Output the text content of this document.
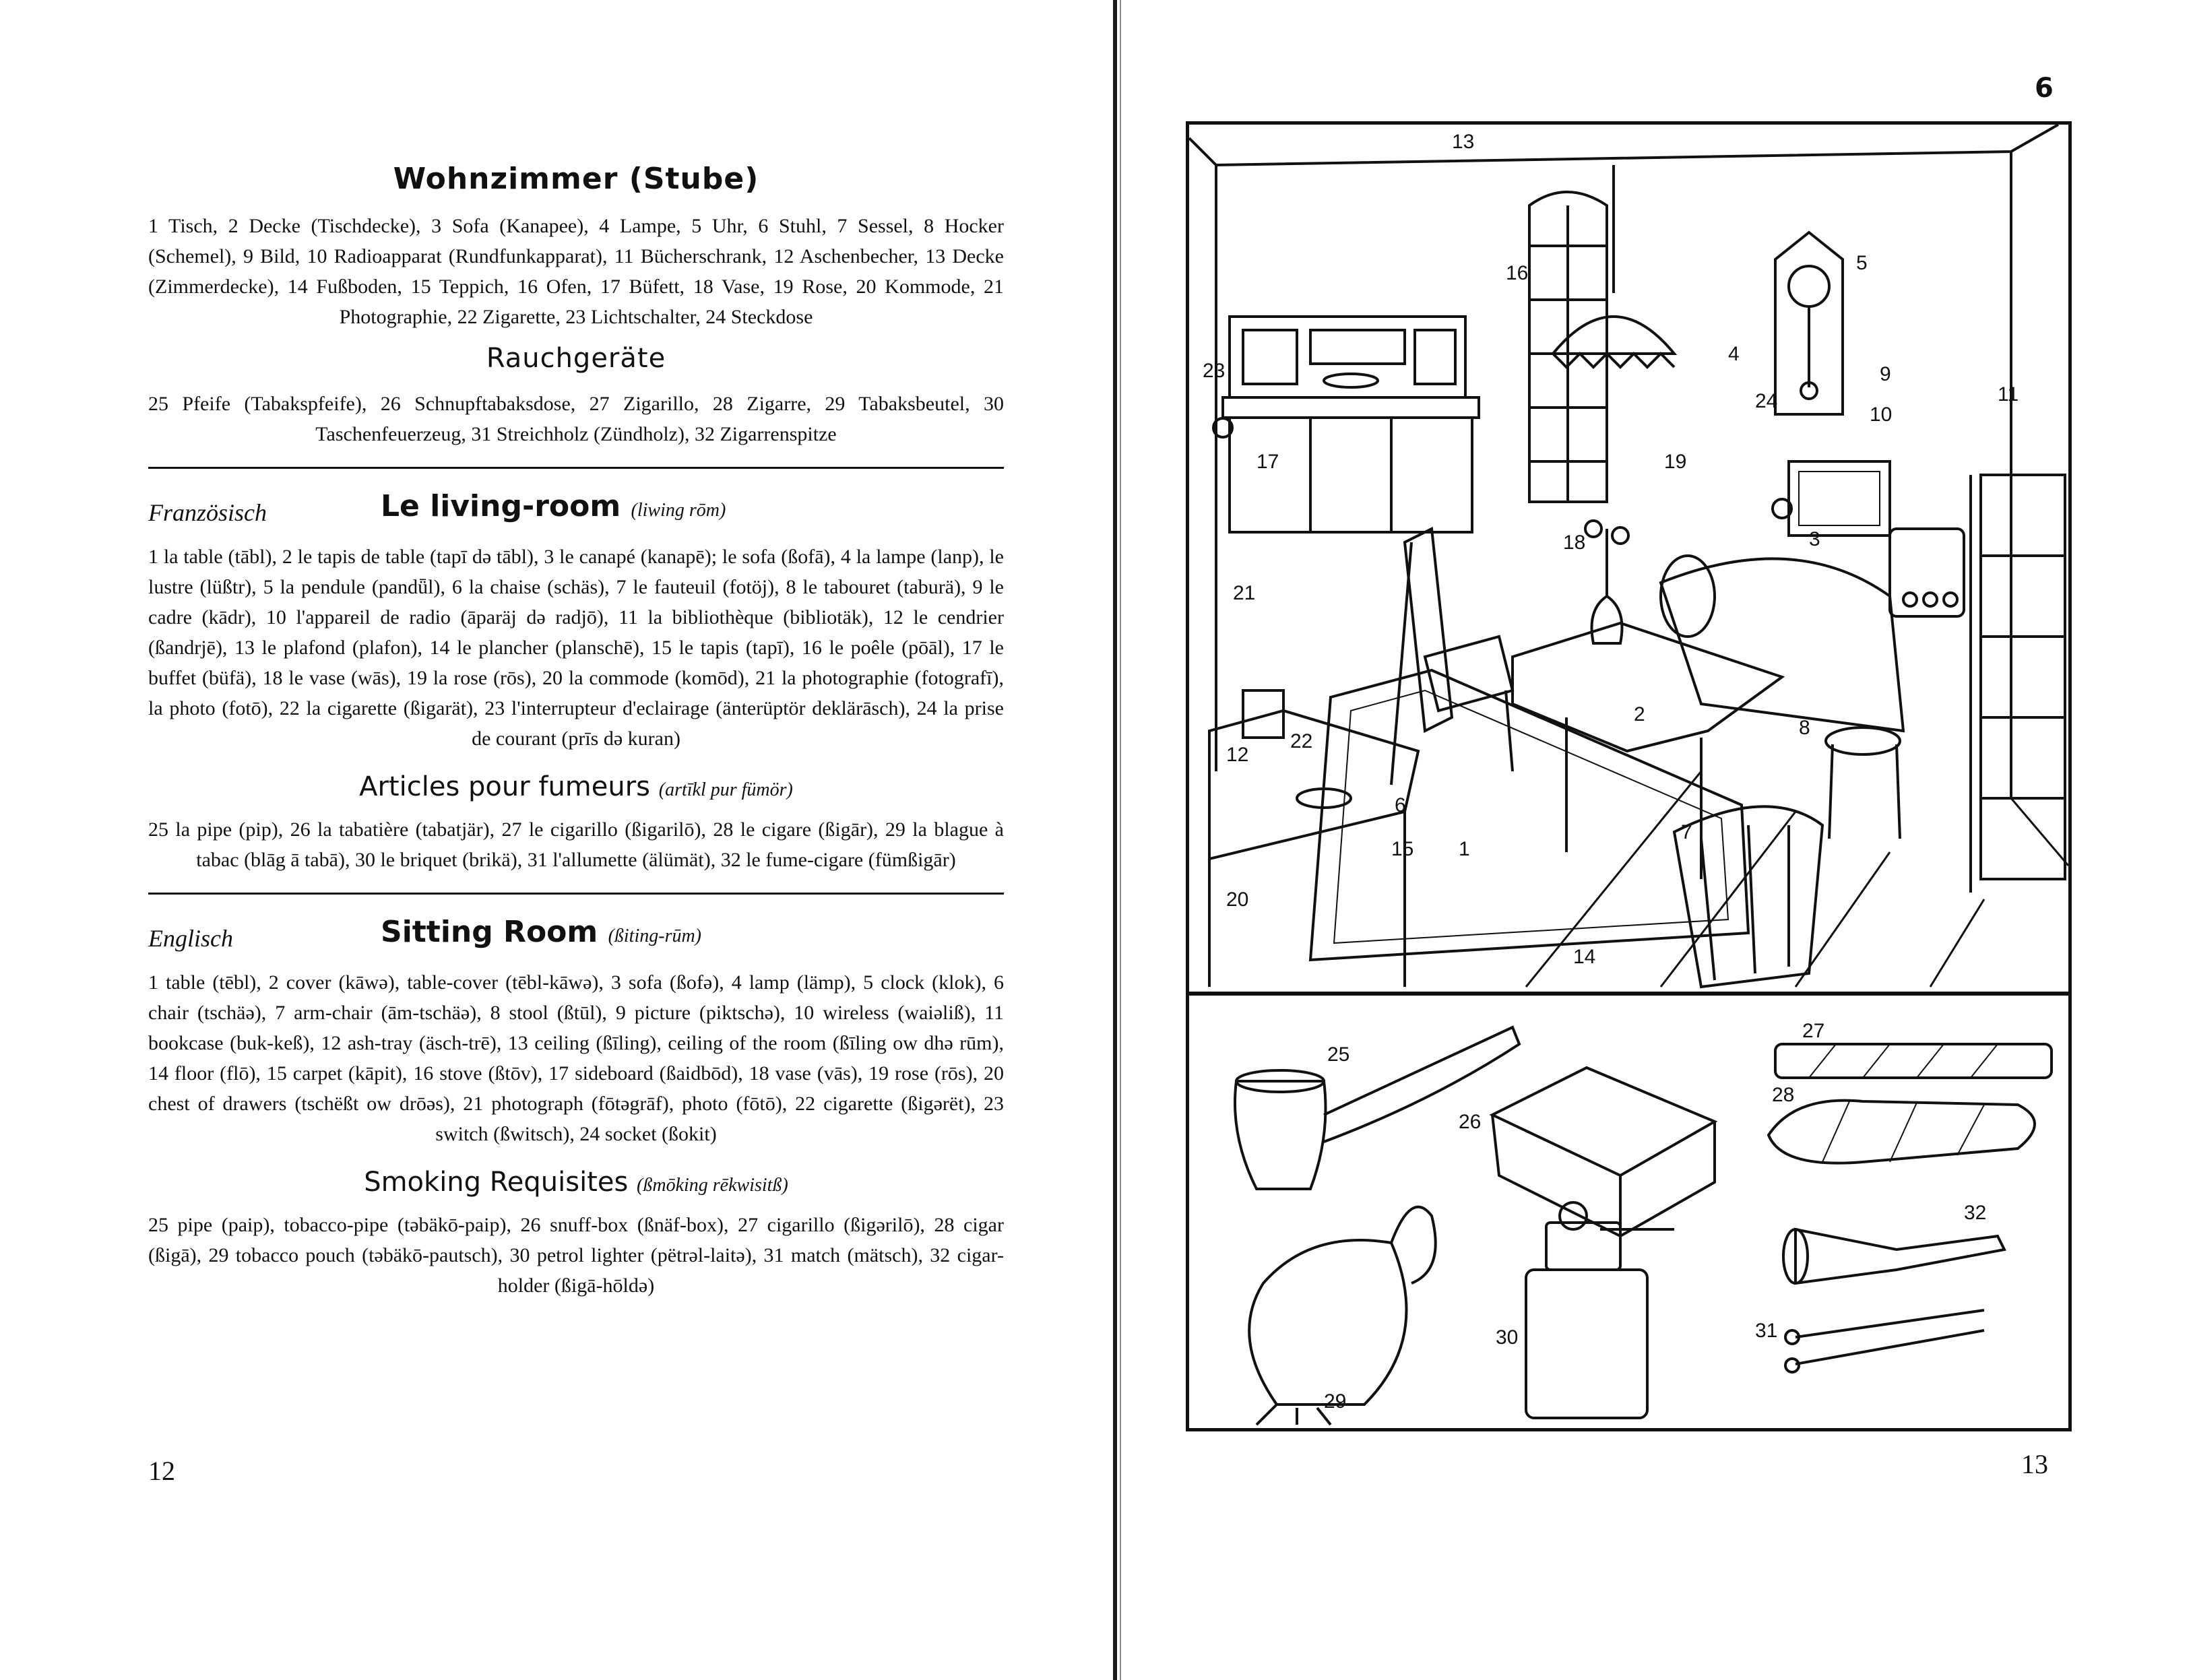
6
Wohnzimmer (Stube)

1 Tisch, 2 Decke (Tischdecke), 3 Sofa (Kanapee), 4 Lampe, 5 Uhr, 6 Stuhl, 7 Sessel, 8 Hocker (Schemel), 9 Bild, 10 Radioapparat (Rundfunkapparat), 11 Bücherschrank, 12 Aschenbecher, 13 Decke (Zimmerdecke), 14 Fußboden, 15 Teppich, 16 Ofen, 17 Büfett, 18 Vase, 19 Rose, 20 Kommode, 21 Photographie, 22 Zigarette, 23 Lichtschalter, 24 Steckdose

Rauchgeräte

25 Pfeife (Tabakspfeife), 26 Schnupftabaksdose, 27 Zigarillo, 28 Zigarre, 29 Tabaksbeutel, 30 Taschenfeuerzeug, 31 Streichholz (Zündholz), 32 Zigarrenspitze

Französisch	Le living-room (liwing rōm)

1 la table (tābl), 2 le tapis de table (tapī dǝ tābl), 3 le canapé (kanapē); le sofa (ßofā), 4 la lampe (lanp), le lustre (lüßtr), 5 la pendule (pandǖl), 6 la chaise (schäs), 7 le fauteuil (fotöj), 8 le tabouret (taburä), 9 le cadre (kādr), 10 l'appareil de radio (āparäj dǝ radjō), 11 la bibliothèque (bibliotäk), 12 le cendrier (ßandrjē), 13 le plafond (plafon), 14 le plancher (planschē), 15 le tapis (tapī), 16 le poêle (pōāl), 17 le buffet (büfä), 18 le vase (wās), 19 la rose (rōs), 20 la commode (komōd), 21 la photographie (fotografī), la photo (fotō), 22 la cigarette (ßigarät), 23 l'interrupteur d'eclairage (änterüptör deklärāsch), 24 la prise de courant (prīs dǝ kuran)

Articles pour fumeurs (artīkl pur fümör)

25 la pipe (pip), 26 la tabatière (tabatjär), 27 le cigarillo (ßigarilō), 28 le cigare (ßigār), 29 la blague à tabac (blāg ā tabā), 30 le briquet (brikä), 31 l'allumette (älümät), 32 le fume-cigare (fümßigār)

Englisch	Sitting Room (ßiting-rūm)

1 table (tēbl), 2 cover (kāwǝ), table-cover (tēbl-kāwǝ), 3 sofa (ßofǝ), 4 lamp (lämp), 5 clock (klok), 6 chair (tschäǝ), 7 arm-chair (ām-tschäǝ), 8 stool (ßtūl), 9 picture (piktschǝ), 10 wireless (waiǝliß), 11 bookcase (buk-keß), 12 ash-tray (äsch-trē), 13 ceiling (ßīling), ceiling of the room (ßīling ow dhǝ rūm), 14 floor (flō), 15 carpet (kāpit), 16 stove (ßtōv), 17 sideboard (ßaidbōd), 18 vase (vās), 19 rose (rōs), 20 chest of drawers (tschëßt ow drōǝs), 21 photograph (fōtǝgrāf), photo (fōtō), 22 cigarette (ßigǝrët), 23 switch (ßwitsch), 24 socket (ßokit)

Smoking Requisites (ßmōking rēkwisitß)

25 pipe (paip), tobacco-pipe (tǝbäkō-paip), 26 snuff-box (ßnäf-box), 27 cigarillo (ßigǝrilō), 28 cigar (ßigā), 29 tobacco pouch (tǝbäkō-pautsch), 30 petrol lighter (pëtrǝl-laitǝ), 31 match (mätsch), 32 cigar-holder (ßigā-hōldǝ)

12	13
1
2
3
4
5
6
7
8
9
10
11
12
13
14
15
16
17
18
19
20
21
22
23
24
25
26
27
28
29
30	31
32
